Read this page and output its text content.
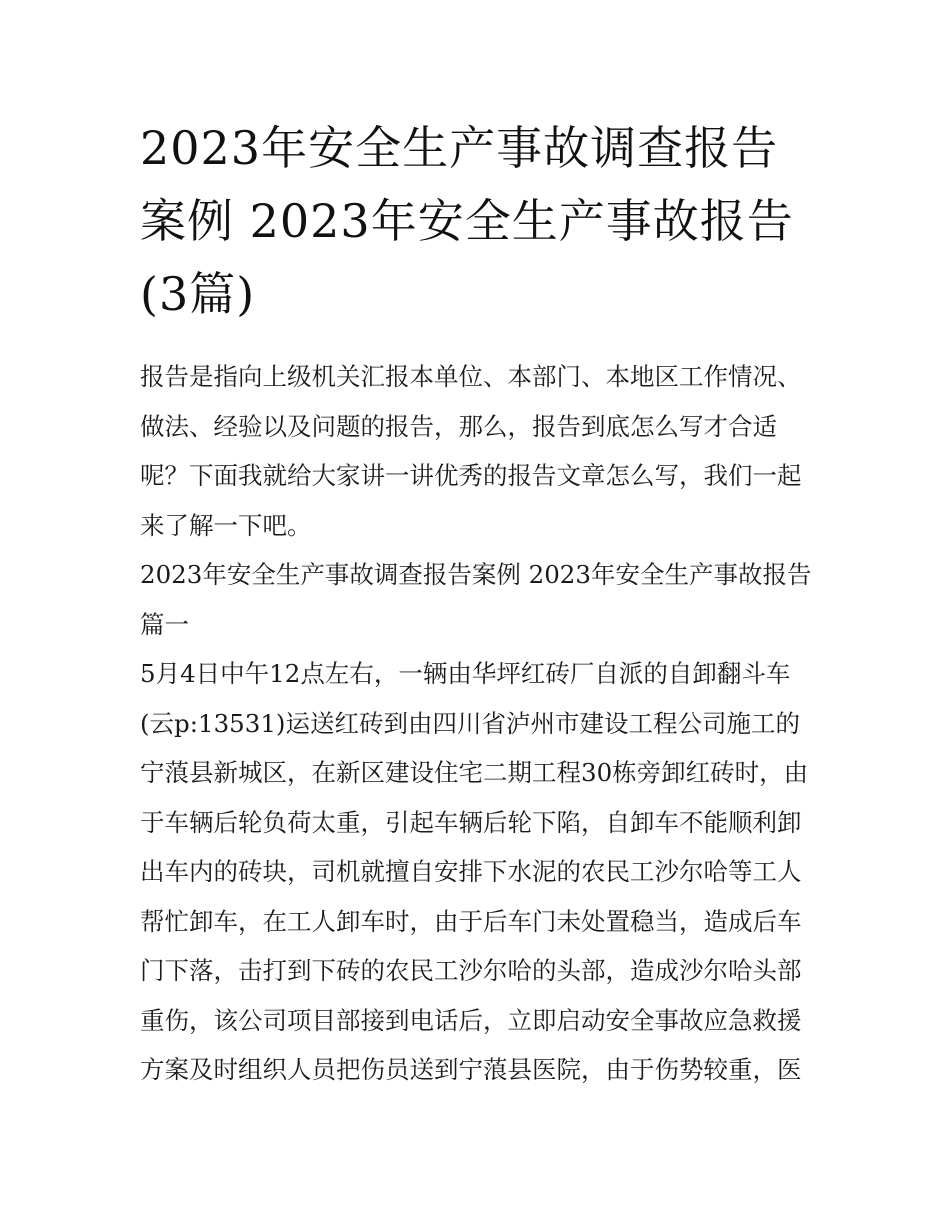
2023年安全生产事故调查报告案例 2023年安全生产事故报告(3篇)

报告是指向上级机关汇报本单位、本部门、本地区工作情况、做法、经验以及问题的报告，那么，报告到底怎么写才合适呢？下面我就给大家讲一讲优秀的报告文章怎么写，我们一起来了解一下吧。

2023年安全生产事故调查报告案例 2023年安全生产事故报告篇一

5月4日中午12点左右，一辆由华坪红砖厂自派的自卸翻斗车(云p:13531)运送红砖到由四川省泸州市建设工程公司施工的宁蒗县新城区，在新区建设住宅二期工程30栋旁卸红砖时，由于车辆后轮负荷太重，引起车辆后轮下陷，自卸车不能顺利卸出车内的砖块，司机就擅自安排下水泥的农民工沙尔哈等工人帮忙卸车，在工人卸车时，由于后车门未处置稳当，造成后车门下落，击打到下砖的农民工沙尔哈的头部，造成沙尔哈头部重伤，该公司项目部接到电话后，立即启动安全事故应急救援方案及时组织人员把伤员送到宁蒗县医院，由于伤势较重，医
